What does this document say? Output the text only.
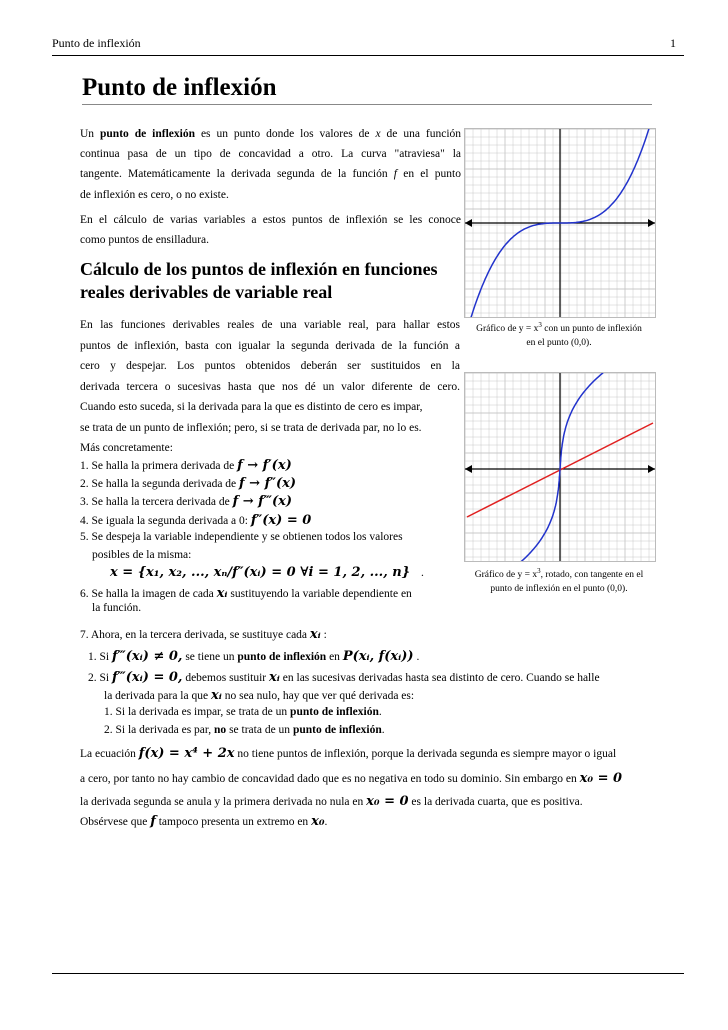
Punto de inflexión	1
Punto de inflexión
Un punto de inflexión es un punto donde los valores de x de una función
continua pasa de un tipo de concavidad a otro. La curva "atraviesa" la
tangente. Matemáticamente la derivada segunda de la función f en el punto
de inflexión es cero, o no existe.
En el cálculo de varias variables a estos puntos de inflexión se les conoce
como puntos de ensilladura.
Cálculo de los puntos de inflexión en funciones reales derivables de variable real
En las funciones derivables reales de una variable real, para hallar estos
puntos de inflexión, basta con igualar la segunda derivada de la función a
cero y despejar. Los puntos obtenidos deberán ser sustituidos en la
derivada tercera o sucesivas hasta que nos dé un valor diferente de cero.
Cuando esto suceda, si la derivada para la que es distinto de cero es impar,
se trata de un punto de inflexión; pero, si se trata de derivada par, no lo es.
Más concretamente:
1. Se halla la primera derivada de f → f′(x)
2. Se halla la segunda derivada de f → f″(x)
3. Se halla la tercera derivada de f → f‴(x)
4. Se iguala la segunda derivada a 0: f″(x) = 0
5. Se despeja la variable independiente y se obtienen todos los valores
posibles de la misma:
x = {x₁, x₂, ..., xₙ/f″(xᵢ) = 0 ∀i = 1, 2, ..., n} .
6. Se halla la imagen de cada xᵢ sustituyendo la variable dependiente en
la función.
7. Ahora, en la tercera derivada, se sustituye cada xᵢ :
1. Si f‴(xᵢ) ≠ 0, se tiene un punto de inflexión en P(xᵢ, f(xᵢ)) .
2. Si f‴(xᵢ) = 0, debemos sustituir xᵢ en las sucesivas derivadas hasta sea distinto de cero. Cuando se halle
la derivada para la que xᵢ no sea nulo, hay que ver qué derivada es:
1. Si la derivada es impar, se trata de un punto de inflexión.
2. Si la derivada es par, no se trata de un punto de inflexión.
La ecuación f(x) = x⁴ + 2x no tiene puntos de inflexión, porque la derivada segunda es siempre mayor o igual
a cero, por tanto no hay cambio de concavidad dado que es no negativa en todo su dominio. Sin embargo en x₀ = 0
la derivada segunda se anula y la primera derivada no nula en x₀ = 0 es la derivada cuarta, que es positiva.
Obsérvese que f tampoco presenta un extremo en x₀.
Gráfico de $y = x^3$ con un punto de inflexión
en el punto (0,0).
Gráfico de $y = x^3$, rotado, con tangente en el
punto de inflexión en el punto (0,0).
